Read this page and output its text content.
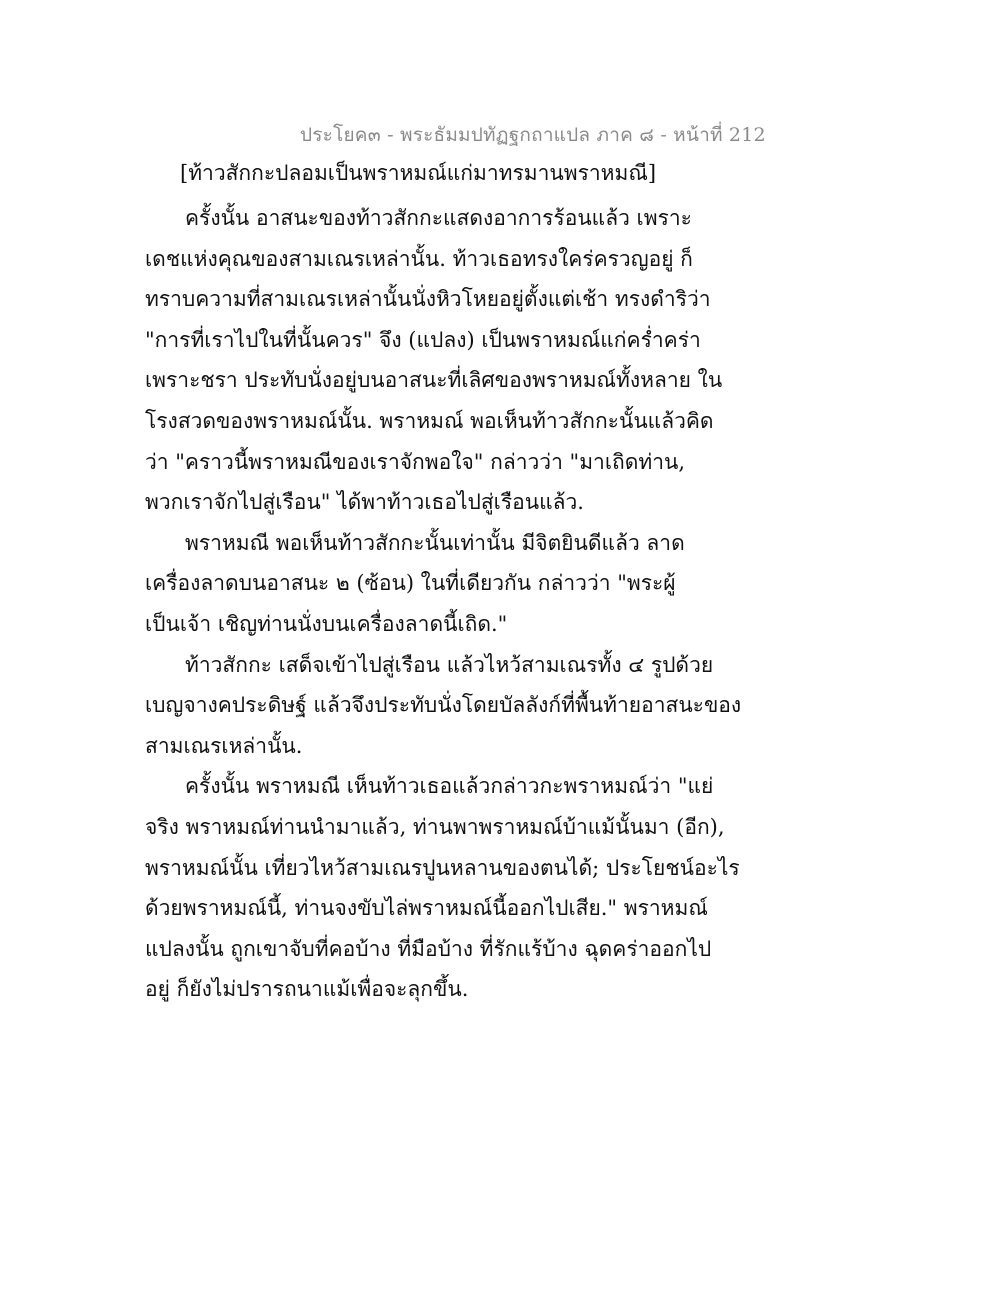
ประโยค๓ - พระธัมมปทัฏฐกถาแปล ภาค ๘ - หน้าที่ 212
[ท้าวสักกะปลอมเป็นพราหมณ์แก่มาทรมานพราหมณี]

ครั้งนั้น อาสนะของท้าวสักกะแสดงอาการร้อนแล้ว เพราะ
เดชแห่งคุณของสามเณรเหล่านั้น. ท้าวเธอทรงใคร่ครวญอยู่ ก็
ทราบความที่สามเณรเหล่านั้นนั่งหิวโหยอยู่ตั้งแต่เช้า ทรงดำริว่า
"การที่เราไปในที่นั้นควร" จึง (แปลง) เป็นพราหมณ์แก่คร่ำคร่า
เพราะชรา ประทับนั่งอยู่บนอาสนะที่เลิศของพราหมณ์ทั้งหลาย ใน
โรงสวดของพราหมณ์นั้น. พราหมณ์ พอเห็นท้าวสักกะนั้นแล้วคิด
ว่า "คราวนี้พราหมณีของเราจักพอใจ" กล่าวว่า "มาเถิดท่าน,
พวกเราจักไปสู่เรือน" ได้พาท้าวเธอไปสู่เรือนแล้ว.

พราหมณี พอเห็นท้าวสักกะนั้นเท่านั้น มีจิตยินดีแล้ว ลาด
เครื่องลาดบนอาสนะ ๒ (ซ้อน) ในที่เดียวกัน กล่าวว่า "พระผู้
เป็นเจ้า เชิญท่านนั่งบนเครื่องลาดนี้เถิด."

ท้าวสักกะ เสด็จเข้าไปสู่เรือน แล้วไหว้สามเณรทั้ง ๔ รูปด้วย
เบญจางคประดิษฐ์ แล้วจึงประทับนั่งโดยบัลลังก์ที่พื้นท้ายอาสนะของ
สามเณรเหล่านั้น.

ครั้งนั้น พราหมณี เห็นท้าวเธอแล้วกล่าวกะพราหมณ์ว่า "แย่
จริง พราหมณ์ท่านนำมาแล้ว, ท่านพาพราหมณ์บ้าแม้นั้นมา (อีก),
พราหมณ์นั้น เที่ยวไหว้สามเณรปูนหลานของตนได้; ประโยชน์อะไร
ด้วยพราหมณ์นี้, ท่านจงขับไล่พราหมณ์นี้ออกไปเสีย." พราหมณ์
แปลงนั้น ถูกเขาจับที่คอบ้าง ที่มือบ้าง ที่รักแร้บ้าง ฉุดคร่าออกไป
อยู่ ก็ยังไม่ปรารถนาแม้เพื่อจะลุกขึ้น.
